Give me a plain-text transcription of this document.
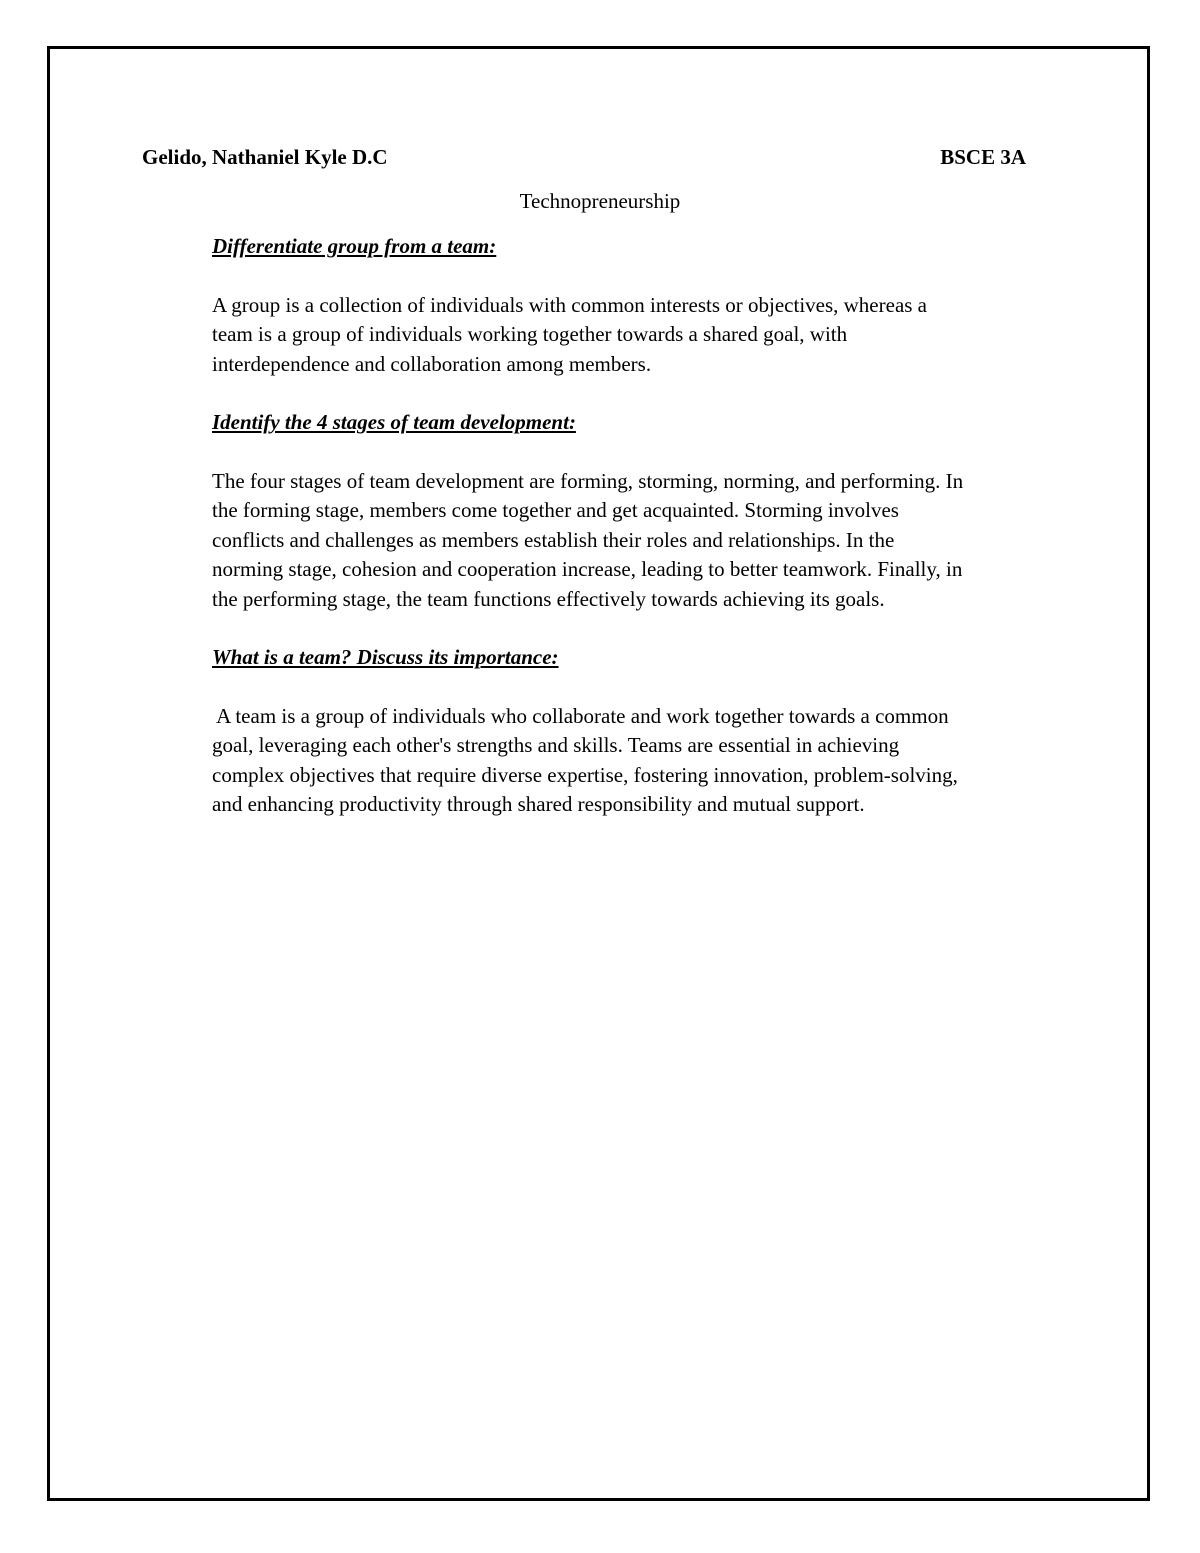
Gelido, Nathaniel Kyle D.C	BSCE 3A
Technopreneurship

Differentiate group from a team:

A group is a collection of individuals with common interests or objectives, whereas a
team is a group of individuals working together towards a shared goal, with
interdependence and collaboration among members.

Identify the 4 stages of team development:

The four stages of team development are forming, storming, norming, and performing. In
the forming stage, members come together and get acquainted. Storming involves
conflicts and challenges as members establish their roles and relationships. In the
norming stage, cohesion and cooperation increase, leading to better teamwork. Finally, in
the performing stage, the team functions effectively towards achieving its goals.

What is a team? Discuss its importance:

A team is a group of individuals who collaborate and work together towards a common
goal, leveraging each other's strengths and skills. Teams are essential in achieving
complex objectives that require diverse expertise, fostering innovation, problem-solving,
and enhancing productivity through shared responsibility and mutual support.
